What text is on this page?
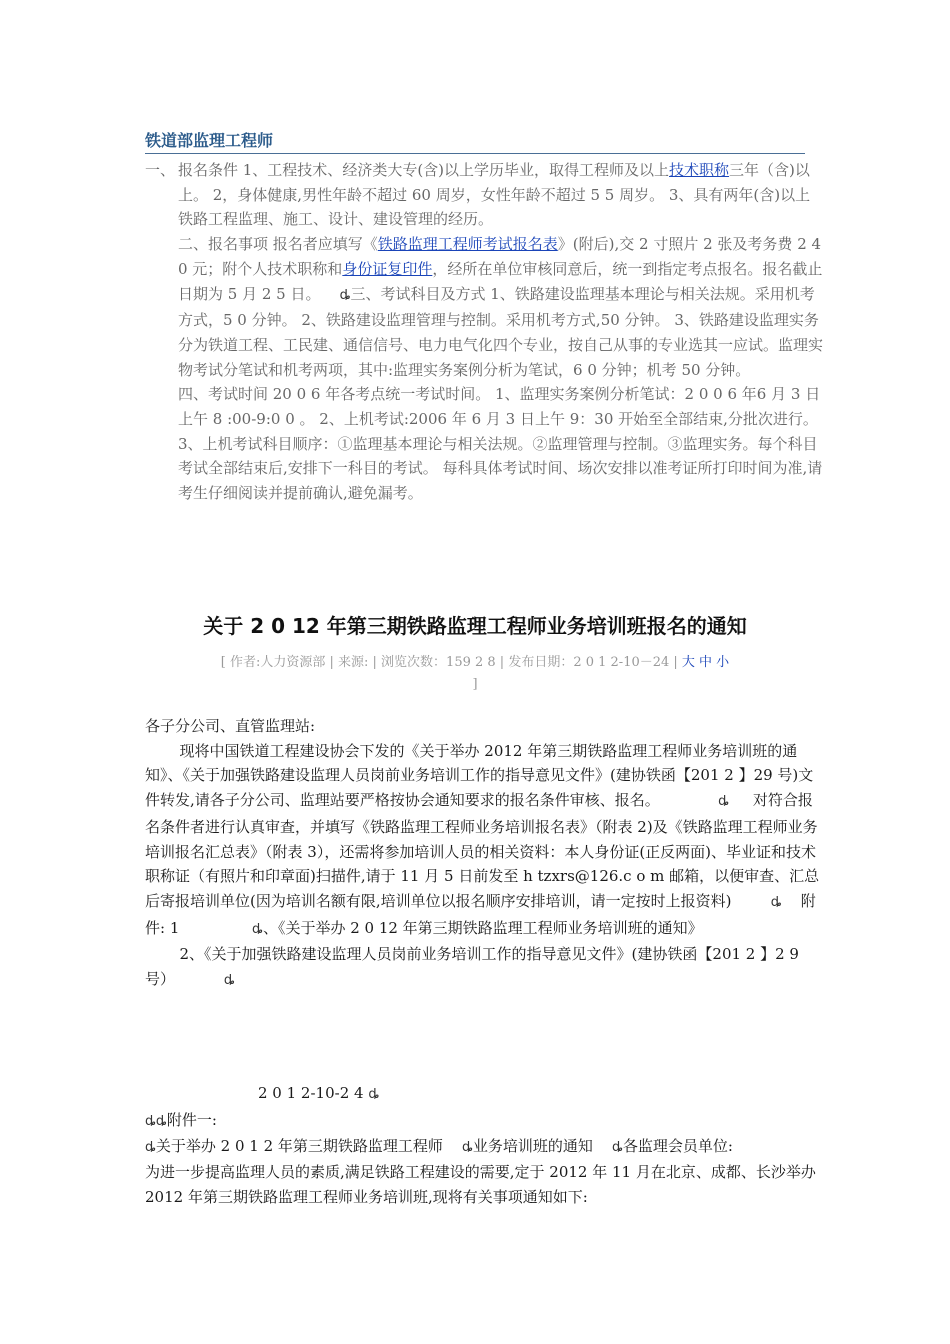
铁道部监理工程师
一、 报名条件 1、工程技术、经济类大专(含)以上学历毕业，取得工程师及以上技术职称三年（含)以上。 2，身体健康,男性年龄不超过 60 周岁，女性年龄不超过 5 5 周岁。 3、具有两年(含)以上铁路工程监理、施工、设计、建设管理的经历。

二、报名事项 报名者应填写《铁路监理工程师考试报名表》(附后),交 2 寸照片 2 张及考务费 2 4 0 元；附个人技术职称和身份证复印件，经所在单位审核同意后，统一到指定考点报名。报名截止日期为 5 月 2 5 日。 ȡ三、考试科目及方式 1、铁路建设监理基本理论与相关法规。采用机考方式，5 0 分钟。 2、铁路建设监理管理与控制。采用机考方式,50 分钟。 3、铁路建设监理实务分为铁道工程、工民建、通信信号、电力电气化四个专业，按自己从事的专业选其一应试。监理实物考试分笔试和机考两项，其中:监理实务案例分析为笔试，6 0 分钟；机考 50 分钟。

四、考试时间 20 0 6 年各考点统一考试时间。 1、监理实务案例分析笔试：2 0 0 6 年6 月 3 日上午 8 :00-9:0 0 。 2、上机考试:2006 年 6 月 3 日上午 9：30 开始至全部结束,分批次进行。 3、上机考试科目顺序：①监理基本理论与相关法规。②监理管理与控制。③监理实务。每个科目考试全部结束后,安排下一科目的考试。 每科具体考试时间、场次安排以准考证所打印时间为准,请考生仔细阅读并提前确认,避免漏考。

关于 2 0 12 年第三期铁路监理工程师业务培训班报名的通知
[ 作者:人力资源部 | 来源: | 浏览次数：159 2 8 | 发布日期：2 0 1 2-10－24 | 大 中 小
]
各子分公司、直管监理站:
现将中国铁道工程建设协会下发的《关于举办 2012 年第三期铁路监理工程师业务培训班的通知》、《关于加强铁路建设监理人员岗前业务培训工作的指导意见文件》(建协铁函【201 2 】29 号)文件转发,请各子分公司、监理站要严格按协会通知要求的报名条件审核、报名。	ȡ 对符合报名条件者进行认真审查，并填写《铁路监理工程师业务培训报名表》（附表 2)及《铁路监理工程师业务培训报名汇总表》（附表 3），还需将参加培训人员的相关资料：本人身份证(正反两面)、毕业证和技术职称证（有照片和印章面)扫描件,请于 11 月 5 日前发至 h tzxrs@126.c o m 邮箱，以便审查、汇总后寄报培训单位(因为培训名额有限,培训单位以报名顺序安排培训，请一定按时上报资料)	ȡ 附件: 1	ȡ、《关于举办 2 0 12 年第三期铁路监理工程师业务培训班的通知》
2、《关于加强铁路建设监理人员岗前业务培训工作的指导意见文件》(建协铁函【201 2 】2 9 号）	ȡ
2 0 1 2-10-2 4 ȡ
ȡȡ附件一:
ȡ关于举办 2 0 1 2 年第三期铁路监理工程师 ȡ业务培训班的通知 ȡ各监理会员单位:
为进一步提高监理人员的素质,满足铁路工程建设的需要,定于 2012 年 11 月在北京、成都、长沙举办 2012 年第三期铁路监理工程师业务培训班,现将有关事项通知如下:
